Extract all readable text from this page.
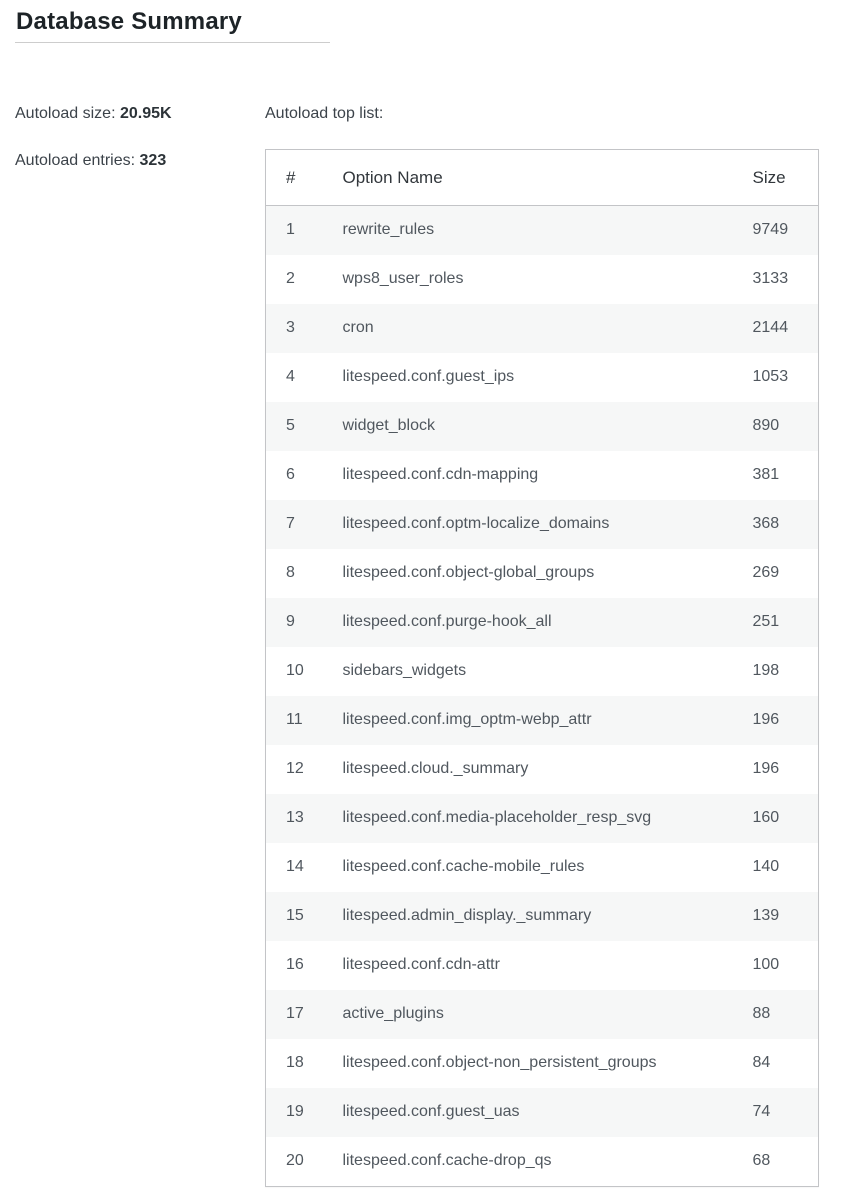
Database Summary
Autoload size: 20.95K
Autoload entries: 323
Autoload top list:
#	Option Name	Size
1	rewrite_rules	9749
2	wps8_user_roles	3133
3	cron	2144
4	litespeed.conf.guest_ips	1053
5	widget_block	890
6	litespeed.conf.cdn-mapping	381
7	litespeed.conf.optm-localize_domains	368
8	litespeed.conf.object-global_groups	269
9	litespeed.conf.purge-hook_all	251
10	sidebars_widgets	198
11	litespeed.conf.img_optm-webp_attr	196
12	litespeed.cloud._summary	196
13	litespeed.conf.media-placeholder_resp_svg	160
14	litespeed.conf.cache-mobile_rules	140
15	litespeed.admin_display._summary	139
16	litespeed.conf.cdn-attr	100
17	active_plugins	88
18	litespeed.conf.object-non_persistent_groups	84
19	litespeed.conf.guest_uas	74
20	litespeed.conf.cache-drop_qs	68
